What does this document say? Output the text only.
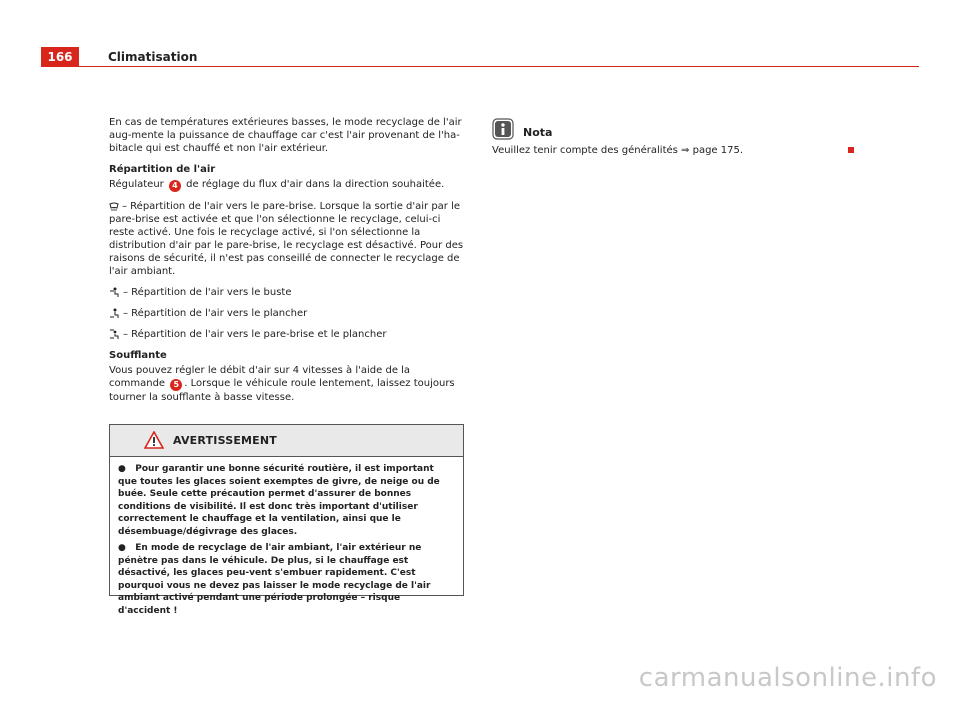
166	Climatisation

En cas de températures extérieures basses, le mode recyclage de l'air aug-mente la puissance de chauffage car c'est l'air provenant de l'ha-bitacle qui est chauffé et non l'air extérieur.

Répartition de l'air

Régulateur 4 de réglage du flux d'air dans la direction souhaitée.

– Répartition de l'air vers le pare-brise. Lorsque la sortie d'air par le pare-brise est activée et que l'on sélectionne le recyclage, celui-ci reste activé. Une fois le recyclage activé, si l'on sélectionne la distribution d'air par le pare-brise, le recyclage est désactivé. Pour des raisons de sécurité, il n'est pas conseillé de connecter le recyclage de l'air ambiant.

– Répartition de l'air vers le buste

– Répartition de l'air vers le plancher

– Répartition de l'air vers le pare-brise et le plancher

Soufflante

Vous pouvez régler le débit d'air sur 4 vitesses à l'aide de la commande 5 . Lorsque le véhicule roule lentement, laissez toujours tourner la soufflante à basse vitesse.

AVERTISSEMENT

● Pour garantir une bonne sécurité routière, il est important que toutes les glaces soient exemptes de givre, de neige ou de buée. Seule cette précaution permet d'assurer de bonnes conditions de visibilité. Il est donc très important d'utiliser correctement le chauffage et la ventilation, ainsi que le désembuage/dégivrage des glaces.

● En mode de recyclage de l'air ambiant, l'air extérieur ne pénètre pas dans le véhicule. De plus, si le chauffage est désactivé, les glaces peu-vent s'embuer rapidement. C'est pourquoi vous ne devez pas laisser le mode recyclage de l'air ambiant activé pendant une période prolongée – risque d'accident !

Nota
Veuillez tenir compte des généralités ⇒ page 175.
carmanualsonline.info
